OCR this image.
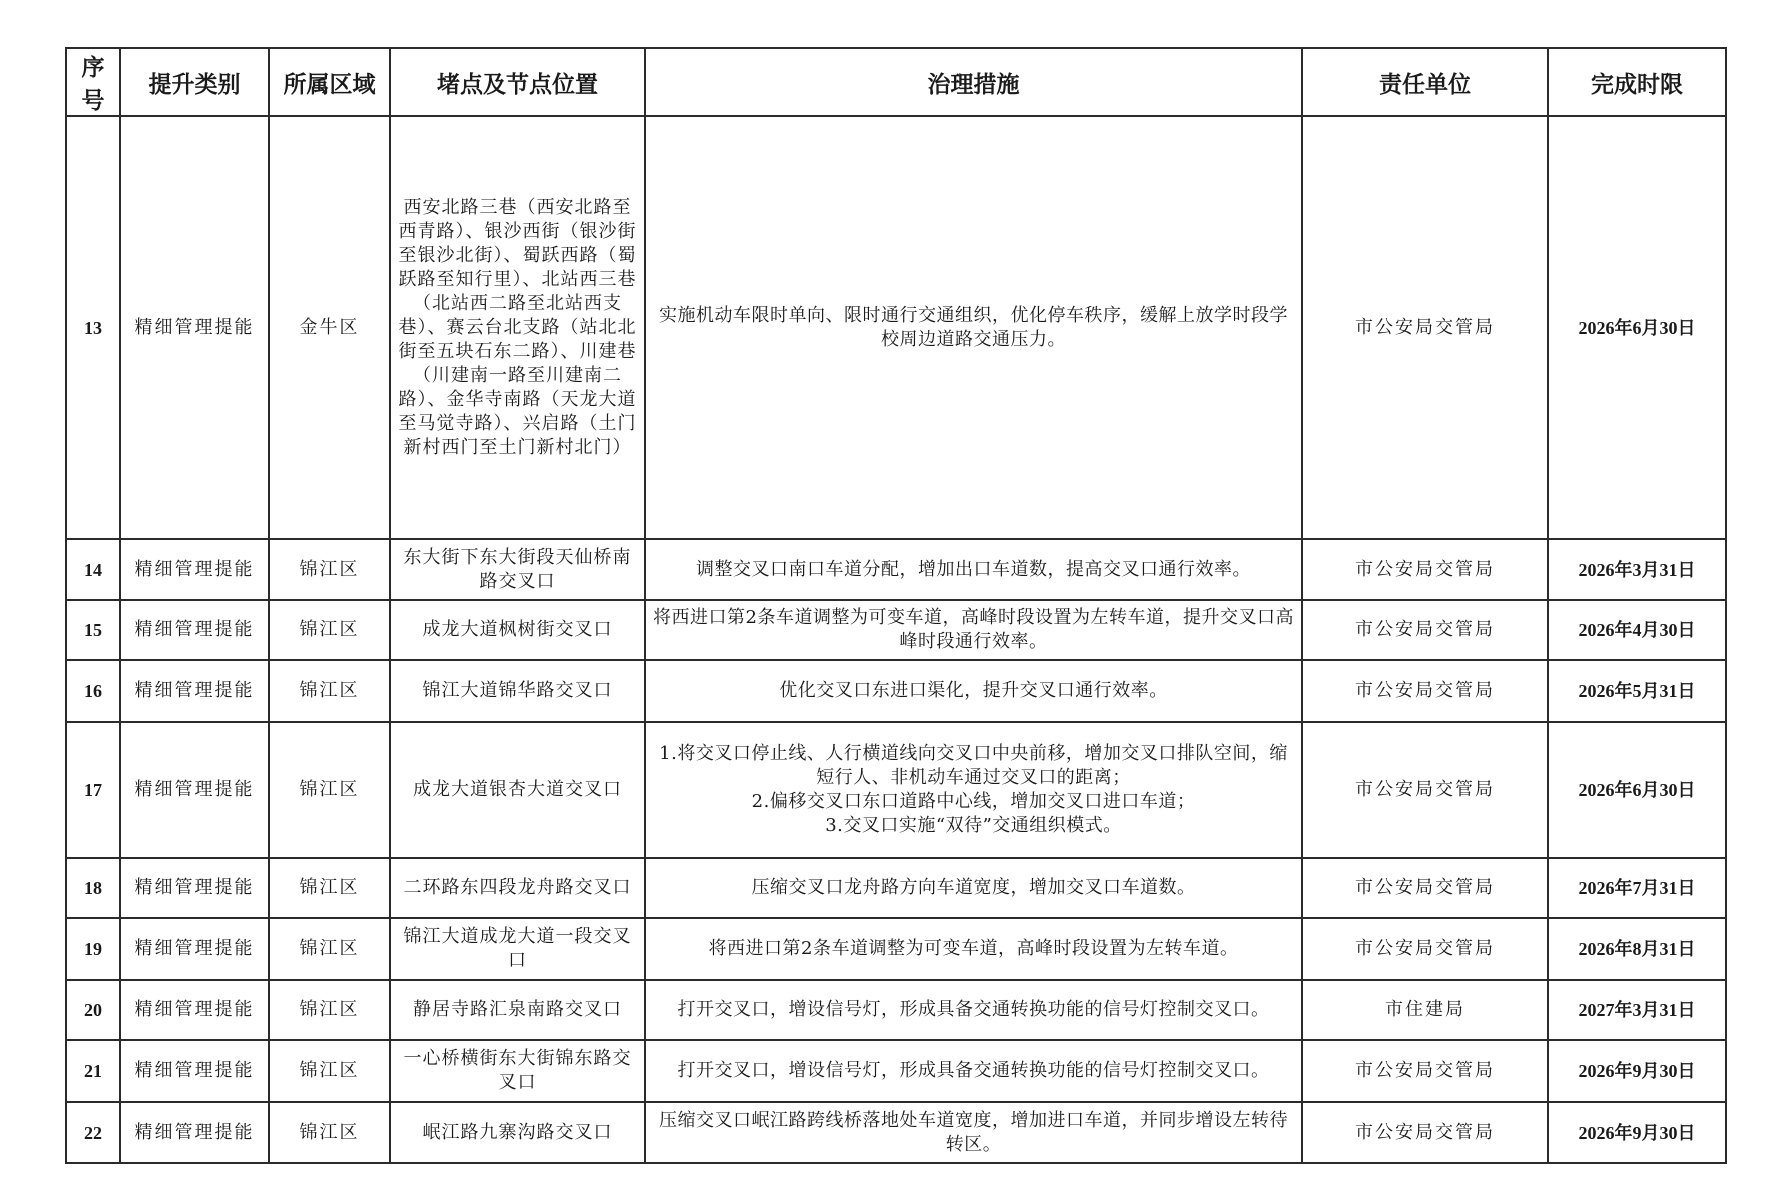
序号	提升类别	所属区域	堵点及节点位置	治理措施	责任单位	完成时限
13	精细管理提能	金牛区	西安北路三巷（西安北路至西青路）、银沙西街（银沙街至银沙北街）、蜀跃西路（蜀跃路至知行里）、北站西三巷（北站西二路至北站西支巷）、赛云台北支路（站北北街至五块石东二路）、川建巷（川建南一路至川建南二路）、金华寺南路（天龙大道至马觉寺路）、兴启路（土门新村西门至土门新村北门）	实施机动车限时单向、限时通行交通组织，优化停车秩序，缓解上放学时段学校周边道路交通压力。	市公安局交管局	2026年6月30日
14	精细管理提能	锦江区	东大街下东大街段天仙桥南路交叉口	调整交叉口南口车道分配，增加出口车道数，提高交叉口通行效率。	市公安局交管局	2026年3月31日
15	精细管理提能	锦江区	成龙大道枫树街交叉口	将西进口第2条车道调整为可变车道，高峰时段设置为左转车道，提升交叉口高峰时段通行效率。	市公安局交管局	2026年4月30日
16	精细管理提能	锦江区	锦江大道锦华路交叉口	优化交叉口东进口渠化，提升交叉口通行效率。	市公安局交管局	2026年5月31日
17	精细管理提能	锦江区	成龙大道银杏大道交叉口	1.将交叉口停止线、人行横道线向交叉口中央前移，增加交叉口排队空间，缩短行人、非机动车通过交叉口的距离；
2.偏移交叉口东口道路中心线，增加交叉口进口车道；
3.交叉口实施“双待”交通组织模式。	市公安局交管局	2026年6月30日
18	精细管理提能	锦江区	二环路东四段龙舟路交叉口	压缩交叉口龙舟路方向车道宽度，增加交叉口车道数。	市公安局交管局	2026年7月31日
19	精细管理提能	锦江区	锦江大道成龙大道一段交叉口	将西进口第2条车道调整为可变车道，高峰时段设置为左转车道。	市公安局交管局	2026年8月31日
20	精细管理提能	锦江区	静居寺路汇泉南路交叉口	打开交叉口，增设信号灯，形成具备交通转换功能的信号灯控制交叉口。	市住建局	2027年3月31日
21	精细管理提能	锦江区	一心桥横街东大街锦东路交叉口	打开交叉口，增设信号灯，形成具备交通转换功能的信号灯控制交叉口。	市公安局交管局	2026年9月30日
22	精细管理提能	锦江区	岷江路九寨沟路交叉口	压缩交叉口岷江路跨线桥落地处车道宽度，增加进口车道，并同步增设左转待转区。	市公安局交管局	2026年9月30日
